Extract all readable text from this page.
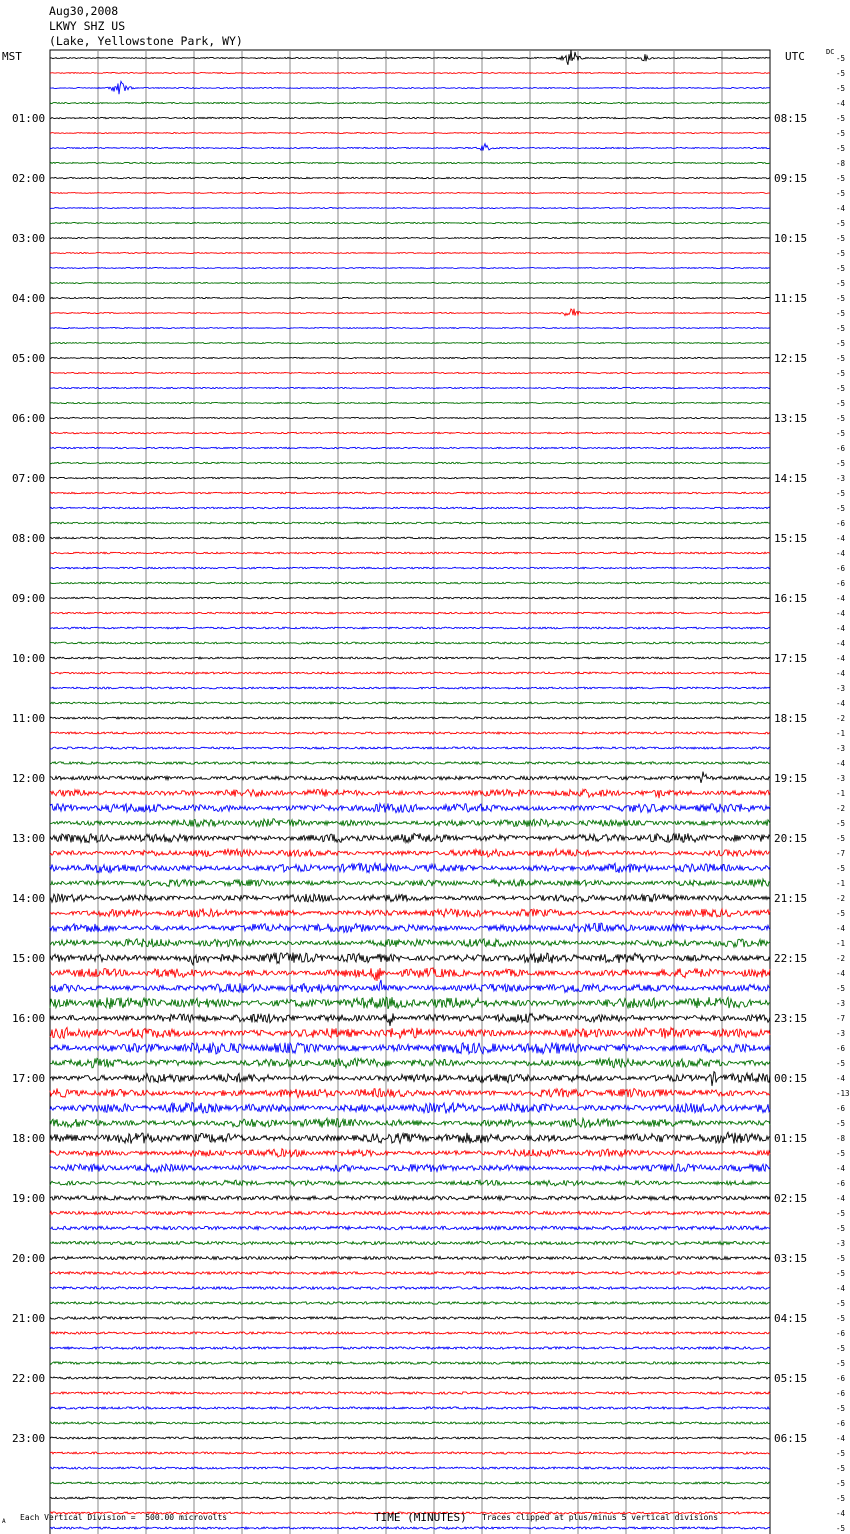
Aug30,2008
LKWY SHZ US
(Lake, Yellowstone Park, WY)
MST	UTC	DC
-5
-5
-5
-4
-5
-5
-5
-8
-5
-5
-4
-5
-5
-5
-5
-5
-5
-5
-5
-5
-5
-5
-5
-5
-5
-5
-6
-5
-3
-5
-5
-6
-4
-4
-6
-6
-4
-4
-4
-4
-4
-4
-3
-4
-2
-1
-3
-4
-3
-1
-2
-5
-5
-7
-5
-1
-2
-5
-4
-1
-2
-4
-5
-3
-7
-3
-6
-5
-4
-13
-6
-5
-8
-5
-4
-6
-4
-5
-5
-3
-5
-5
-4
-5
-5
-6
-5
-5
-6
-6
-5
-6
-4
-5
-5
-5
-5
-4
-5
01:00
02:00
03:00
04:00
05:00
06:00
07:00
08:00
09:00
10:00
11:00
12:00
13:00
14:00
15:00
16:00
17:00
18:00
19:00
20:00
21:00
22:00
23:00
08:15
09:15
10:15
11:15
12:15
13:15
14:15
15:15
16:15
17:15
18:15
19:15
20:15
21:15
22:15
23:15
00:15
01:15
02:15
03:15
04:15
05:15
06:15
TIME (MINUTES)
A Each Vertical Division =  500.00 microvolts	Traces clipped at plus/minus 5 vertical divisions
